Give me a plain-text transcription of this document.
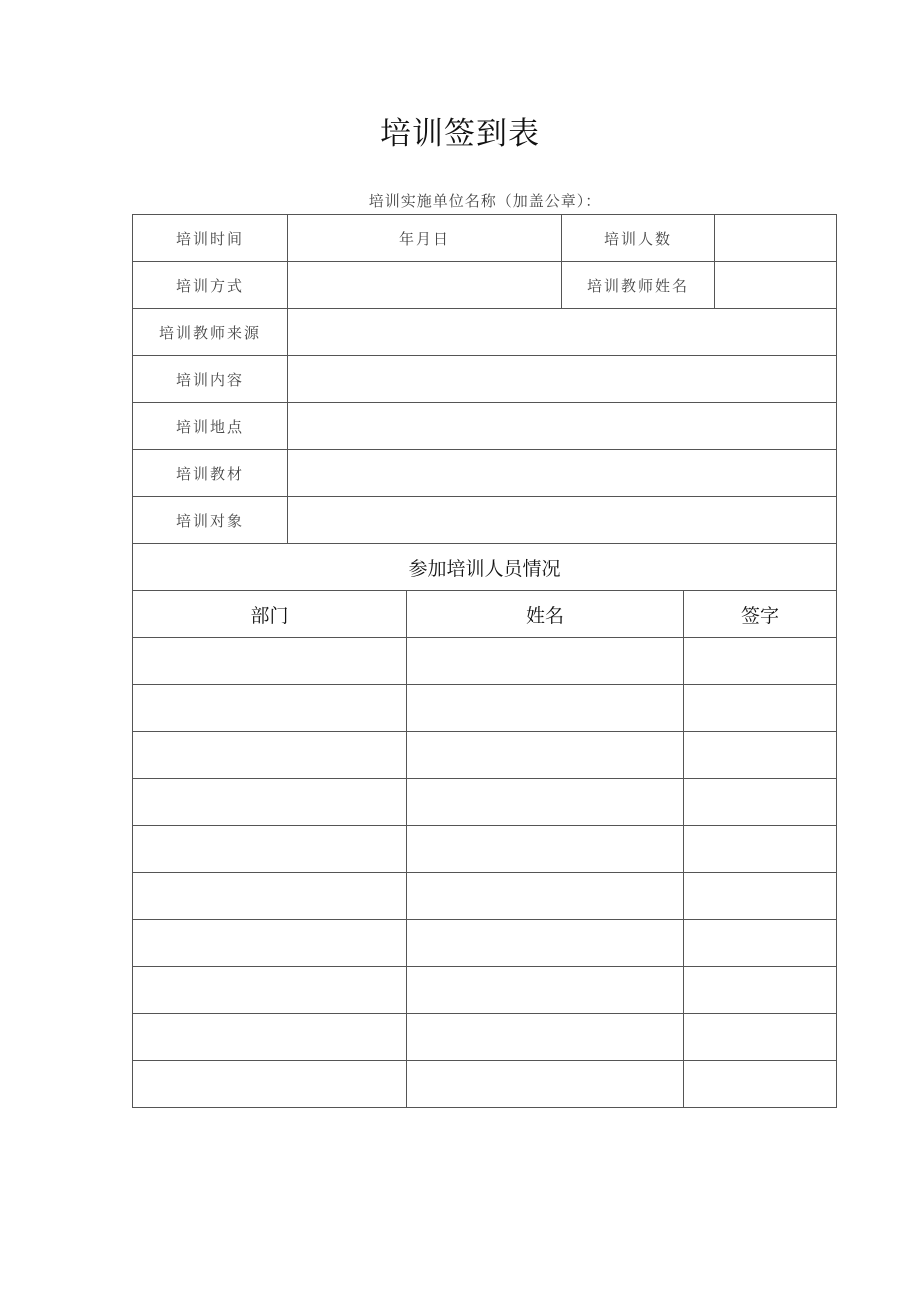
培训签到表
培训实施单位名称（加盖公章）：
培训时间	年月日		培训人数		
培训方式			培训教师姓名		
培训教师来源					
培训内容					
培训地点					
培训教材					
培训对象					
参加培训人员情况					
部门		姓名		签字	
